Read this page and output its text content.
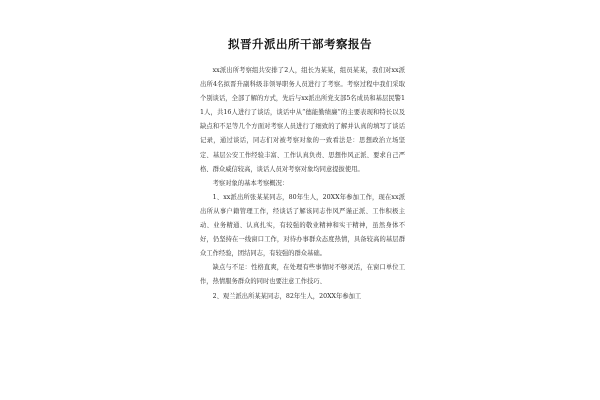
拟晋升派出所干部考察报告

xx派出所考察组共安排了2人，组长为某某，组员某某，我们对xx派出所4名拟晋升副科级非领导职务人员进行了考察。考察过程中我们采取个别谈话，全部了解的方式，先后与xx派出所党支部5名成员和基层民警11人，共16人进行了谈话，谈话中从“德能勤绩廉”的主要表现和特长以及缺点和不足等几个方面对考察人员进行了细致的了解并认真的填写了谈话记录，通过谈话，同志们对被考察对象的一致看法是：思想政治立场坚定、基层公安工作经验丰富、工作认真负责、思想作风正派、要求自己严格、群众威信较高，谈话人员对考察对象均同意提拔使用。

考察对象的基本考察概况：

1、xx派出所张某某同志，80年生人，20XX年参加工作，现在xx派出所从事户籍管理工作，经谈话了解该同志作风严谨正派、工作积极主动、业务精通、认真扎实，有较强的敬业精神和实干精神，虽然身体不好，仍坚持在一线窗口工作，对待办事群众态度热情，具备较高的基层群众工作经验，团结同志，有较强的群众基础。

缺点与不足：性格直爽，在处理有些事情时不够灵活，在窗口单位工作，热情服务群众的同时也要注意工作技巧、

2、观兰派出所某某同志，82年生人，20XX年参加工
